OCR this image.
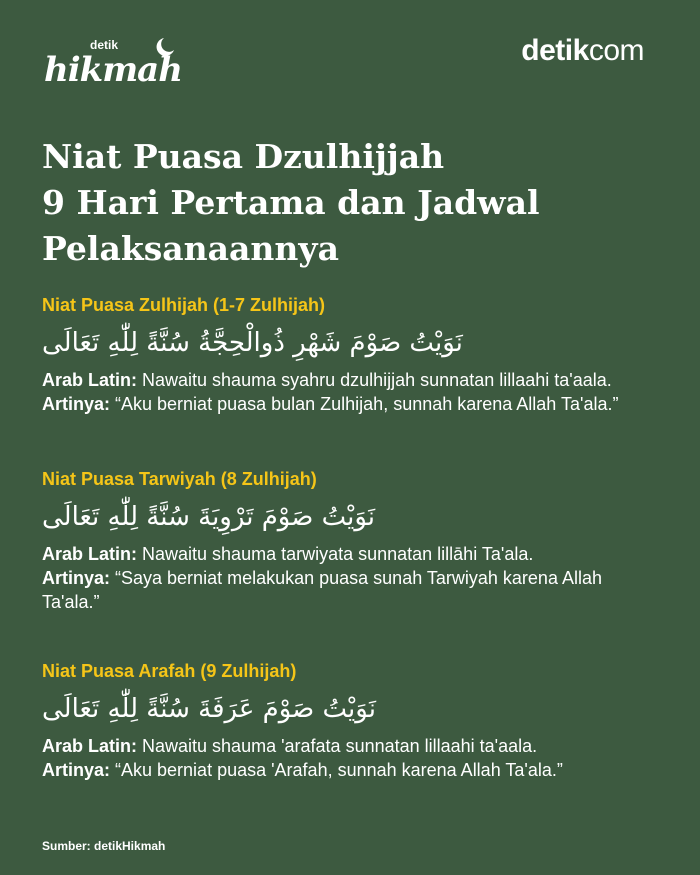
detik
hikmah	detikcom
Niat Puasa Dzulhijjah
9 Hari Pertama dan Jadwal
Pelaksanaannya

Niat Puasa Zulhijah (1-7 Zulhijah)

نَوَيْتُ صَوْمَ شَهْرِ ذُوالْحِجَّةُ سُنَّةً لِلّٰهِ تَعَالَى
Arab Latin: Nawaitu shauma syahru dzulhijjah sunnatan lillaahi ta'aala.
Artinya: “Aku berniat puasa bulan Zulhijah, sunnah karena Allah Ta'ala.”

Niat Puasa Tarwiyah (8 Zulhijah)

نَوَيْتُ صَوْمَ تَرْوِيَةَ سُنَّةً لِلّٰهِ تَعَالَى
Arab Latin: Nawaitu shauma tarwiyata sunnatan lillāhi Ta'ala.
Artinya: “Saya berniat melakukan puasa sunah Tarwiyah karena Allah Ta'ala.”

Niat Puasa Arafah (9 Zulhijah)

نَوَيْتُ صَوْمَ عَرَفَةَ سُنَّةً لِلّٰهِ تَعَالَى
Arab Latin: Nawaitu shauma 'arafata sunnatan lillaahi ta'aala.
Artinya: “Aku berniat puasa 'Arafah, sunnah karena Allah Ta'ala.”
Sumber: detikHikmah
